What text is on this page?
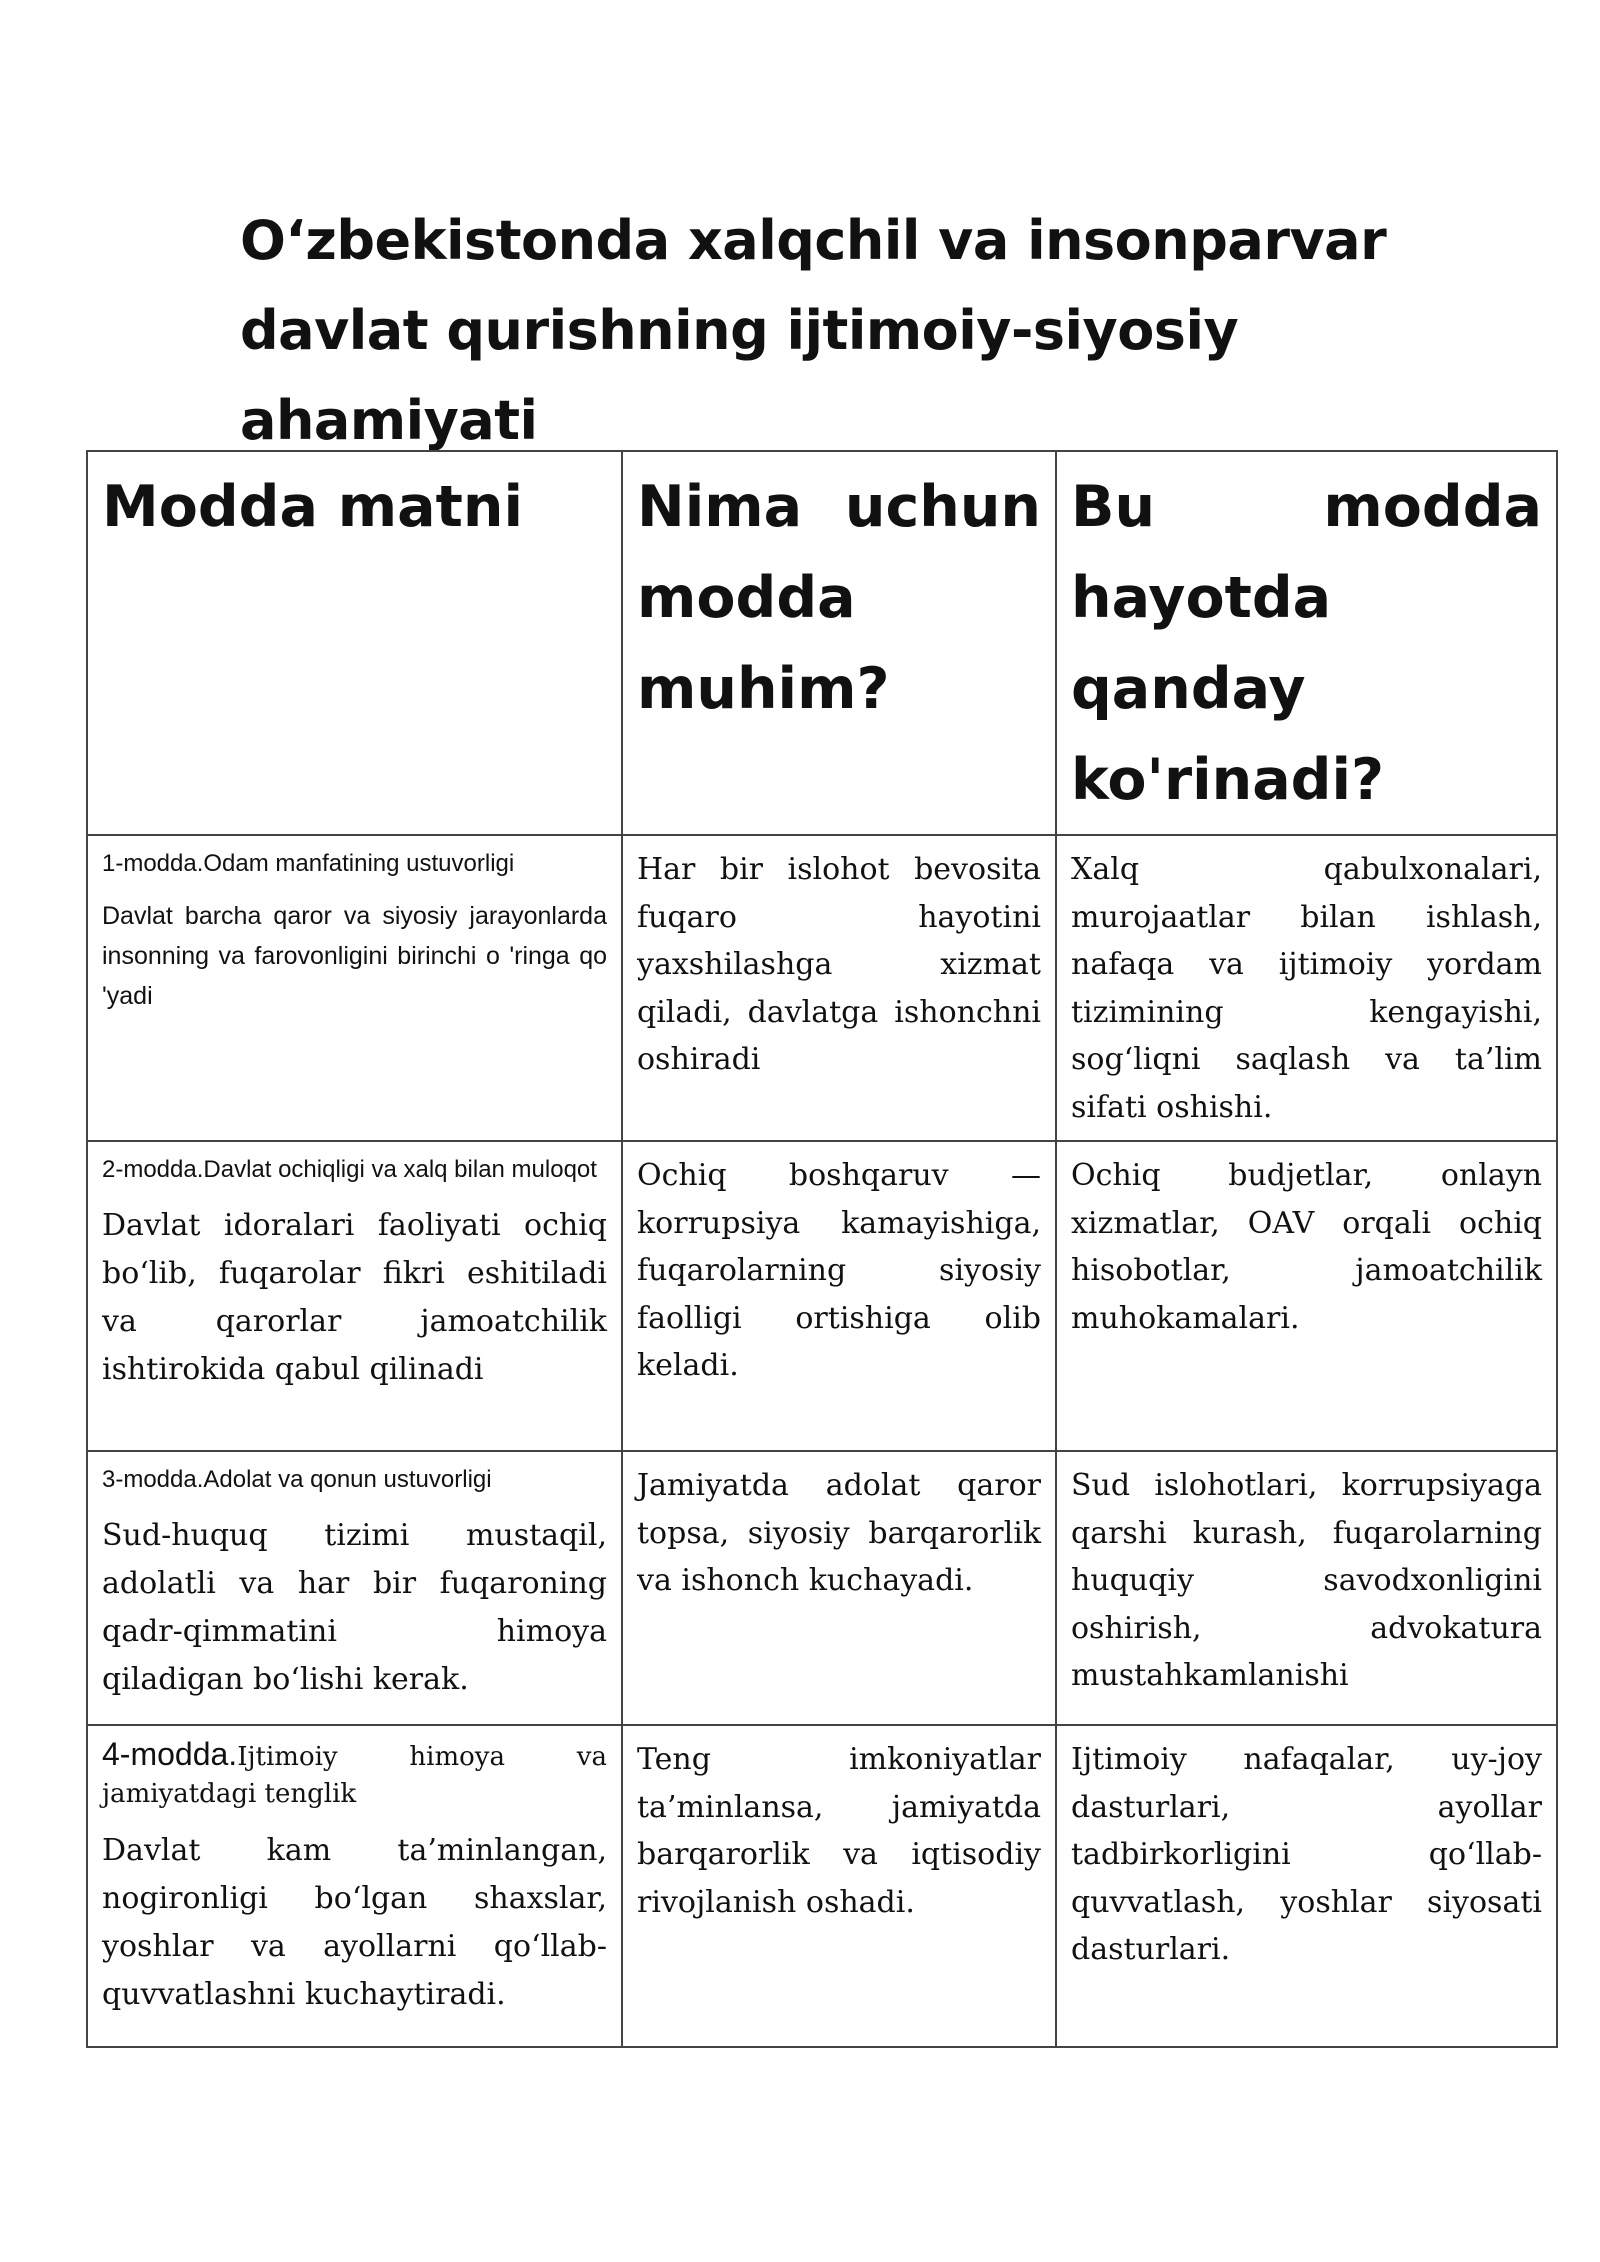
O‘zbekistonda xalqchil va insonparvar davlat qurishning ijtimoiy-siyosiy ahamiyati
Modda matni	Nima uchun modda muhim?	Bu modda hayotda qanday ko'rinadi?

1-modda.Odam manfatining ustuvorligi

Davlat barcha qaror va siyosiy jarayonlarda insonning va farovonligini birinchi o 'ringa qo 'yadi	Har bir islohot bevosita fuqaro hayotini yaxshilashga xizmat qiladi, davlatga ishonchni oshiradi	Xalq qabulxonalari, murojaatlar bilan ishlash, nafaqa va ijtimoiy yordam tizimining kengayishi, sog‘liqni saqlash va ta’lim sifati oshishi.

2-modda.Davlat ochiqligi va xalq bilan muloqot

Davlat idoralari faoliyati ochiq bo‘lib, fuqarolar fikri eshitiladi va qarorlar jamoatchilik ishtirokida qabul qilinadi	Ochiq boshqaruv — korrupsiya kamayishiga, fuqarolarning siyosiy faolligi ortishiga olib keladi.	Ochiq budjetlar, onlayn xizmatlar, OAV orqali ochiq hisobotlar, jamoatchilik muhokamalari.

3-modda.Adolat va qonun ustuvorligi

Sud-huquq tizimi mustaqil, adolatli va har bir fuqaroning qadr-qimmatini himoya qiladigan bo‘lishi kerak.	Jamiyatda adolat qaror topsa, siyosiy barqarorlik va ishonch kuchayadi.	Sud islohotlari, korrupsiyaga qarshi kurash, fuqarolarning huquqiy savodxonligini oshirish, advokatura mustahkamlanishi

4-modda.Ijtimoiy himoya va jamiyatdagi tenglik

Davlat kam ta’minlangan, nogironligi bo‘lgan shaxslar, yoshlar va ayollarni qo‘llab-quvvatlashni kuchaytiradi.	Teng imkoniyatlar ta’minlansa, jamiyatda barqarorlik va iqtisodiy rivojlanish oshadi.	Ijtimoiy nafaqalar, uy-joy dasturlari, ayollar tadbirkorligini qo‘llab-quvvatlash, yoshlar siyosati dasturlari.
